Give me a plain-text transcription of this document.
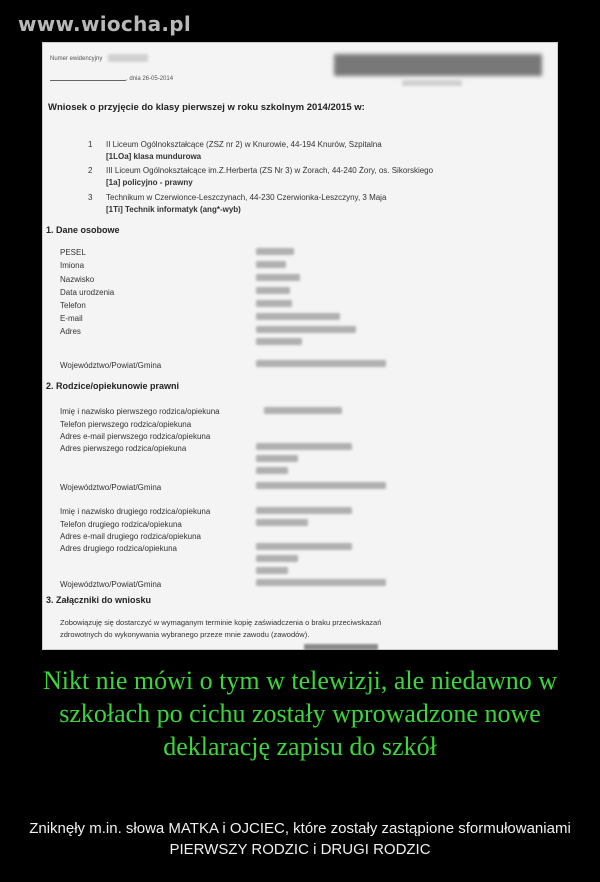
www.wiocha.pl
Numer ewidencyjny
, dnia 26-05-2014
Wniosek o przyjęcie do klasy pierwszej w roku szkolnym 2014/2015 w:
1 II Liceum Ogólnokształcące (ZSZ nr 2) w Knurowie, 44-194 Knurów, Szpitalna
[1LOa] klasa mundurowa
2 III Liceum Ogólnokształcące im.Z.Herberta (ZS Nr 3) w Żorach, 44-240 Żory, os. Sikorskiego
[1a] policyjno - prawny
3 Technikum w Czerwionce-Leszczynach, 44-230 Czerwionka-Leszczyny, 3 Maja
[1Ti] Technik informatyk (ang*-wyb)
1. Dane osobowe
PESEL
Imiona
Nazwisko
Data urodzenia
Telefon
E-mail
Adres
Województwo/Powiat/Gmina
2. Rodzice/opiekunowie prawni
Imię i nazwisko pierwszego rodzica/opiekuna
Telefon pierwszego rodzica/opiekuna
Adres e-mail pierwszego rodzica/opiekuna
Adres pierwszego rodzica/opiekuna
Województwo/Powiat/Gmina
Imię i nazwisko drugiego rodzica/opiekuna
Telefon drugiego rodzica/opiekuna
Adres e-mail drugiego rodzica/opiekuna
Adres drugiego rodzica/opiekuna
Województwo/Powiat/Gmina
3. Załączniki do wniosku
Zobowiązuję się dostarczyć w wymaganym terminie kopię zaświadczenia o braku przeciwskazań
zdrowotnych do wykonywania wybranego przeze mnie zawodu (zawodów).
Nikt nie mówi o tym w telewizji, ale niedawno w szkołach po cichu zostały wprowadzone nowe deklarację zapisu do szkół
Zniknęły m.in. słowa MATKA i OJCIEC, które zostały zastąpione sformułowaniami PIERWSZY RODZIC i DRUGI RODZIC
